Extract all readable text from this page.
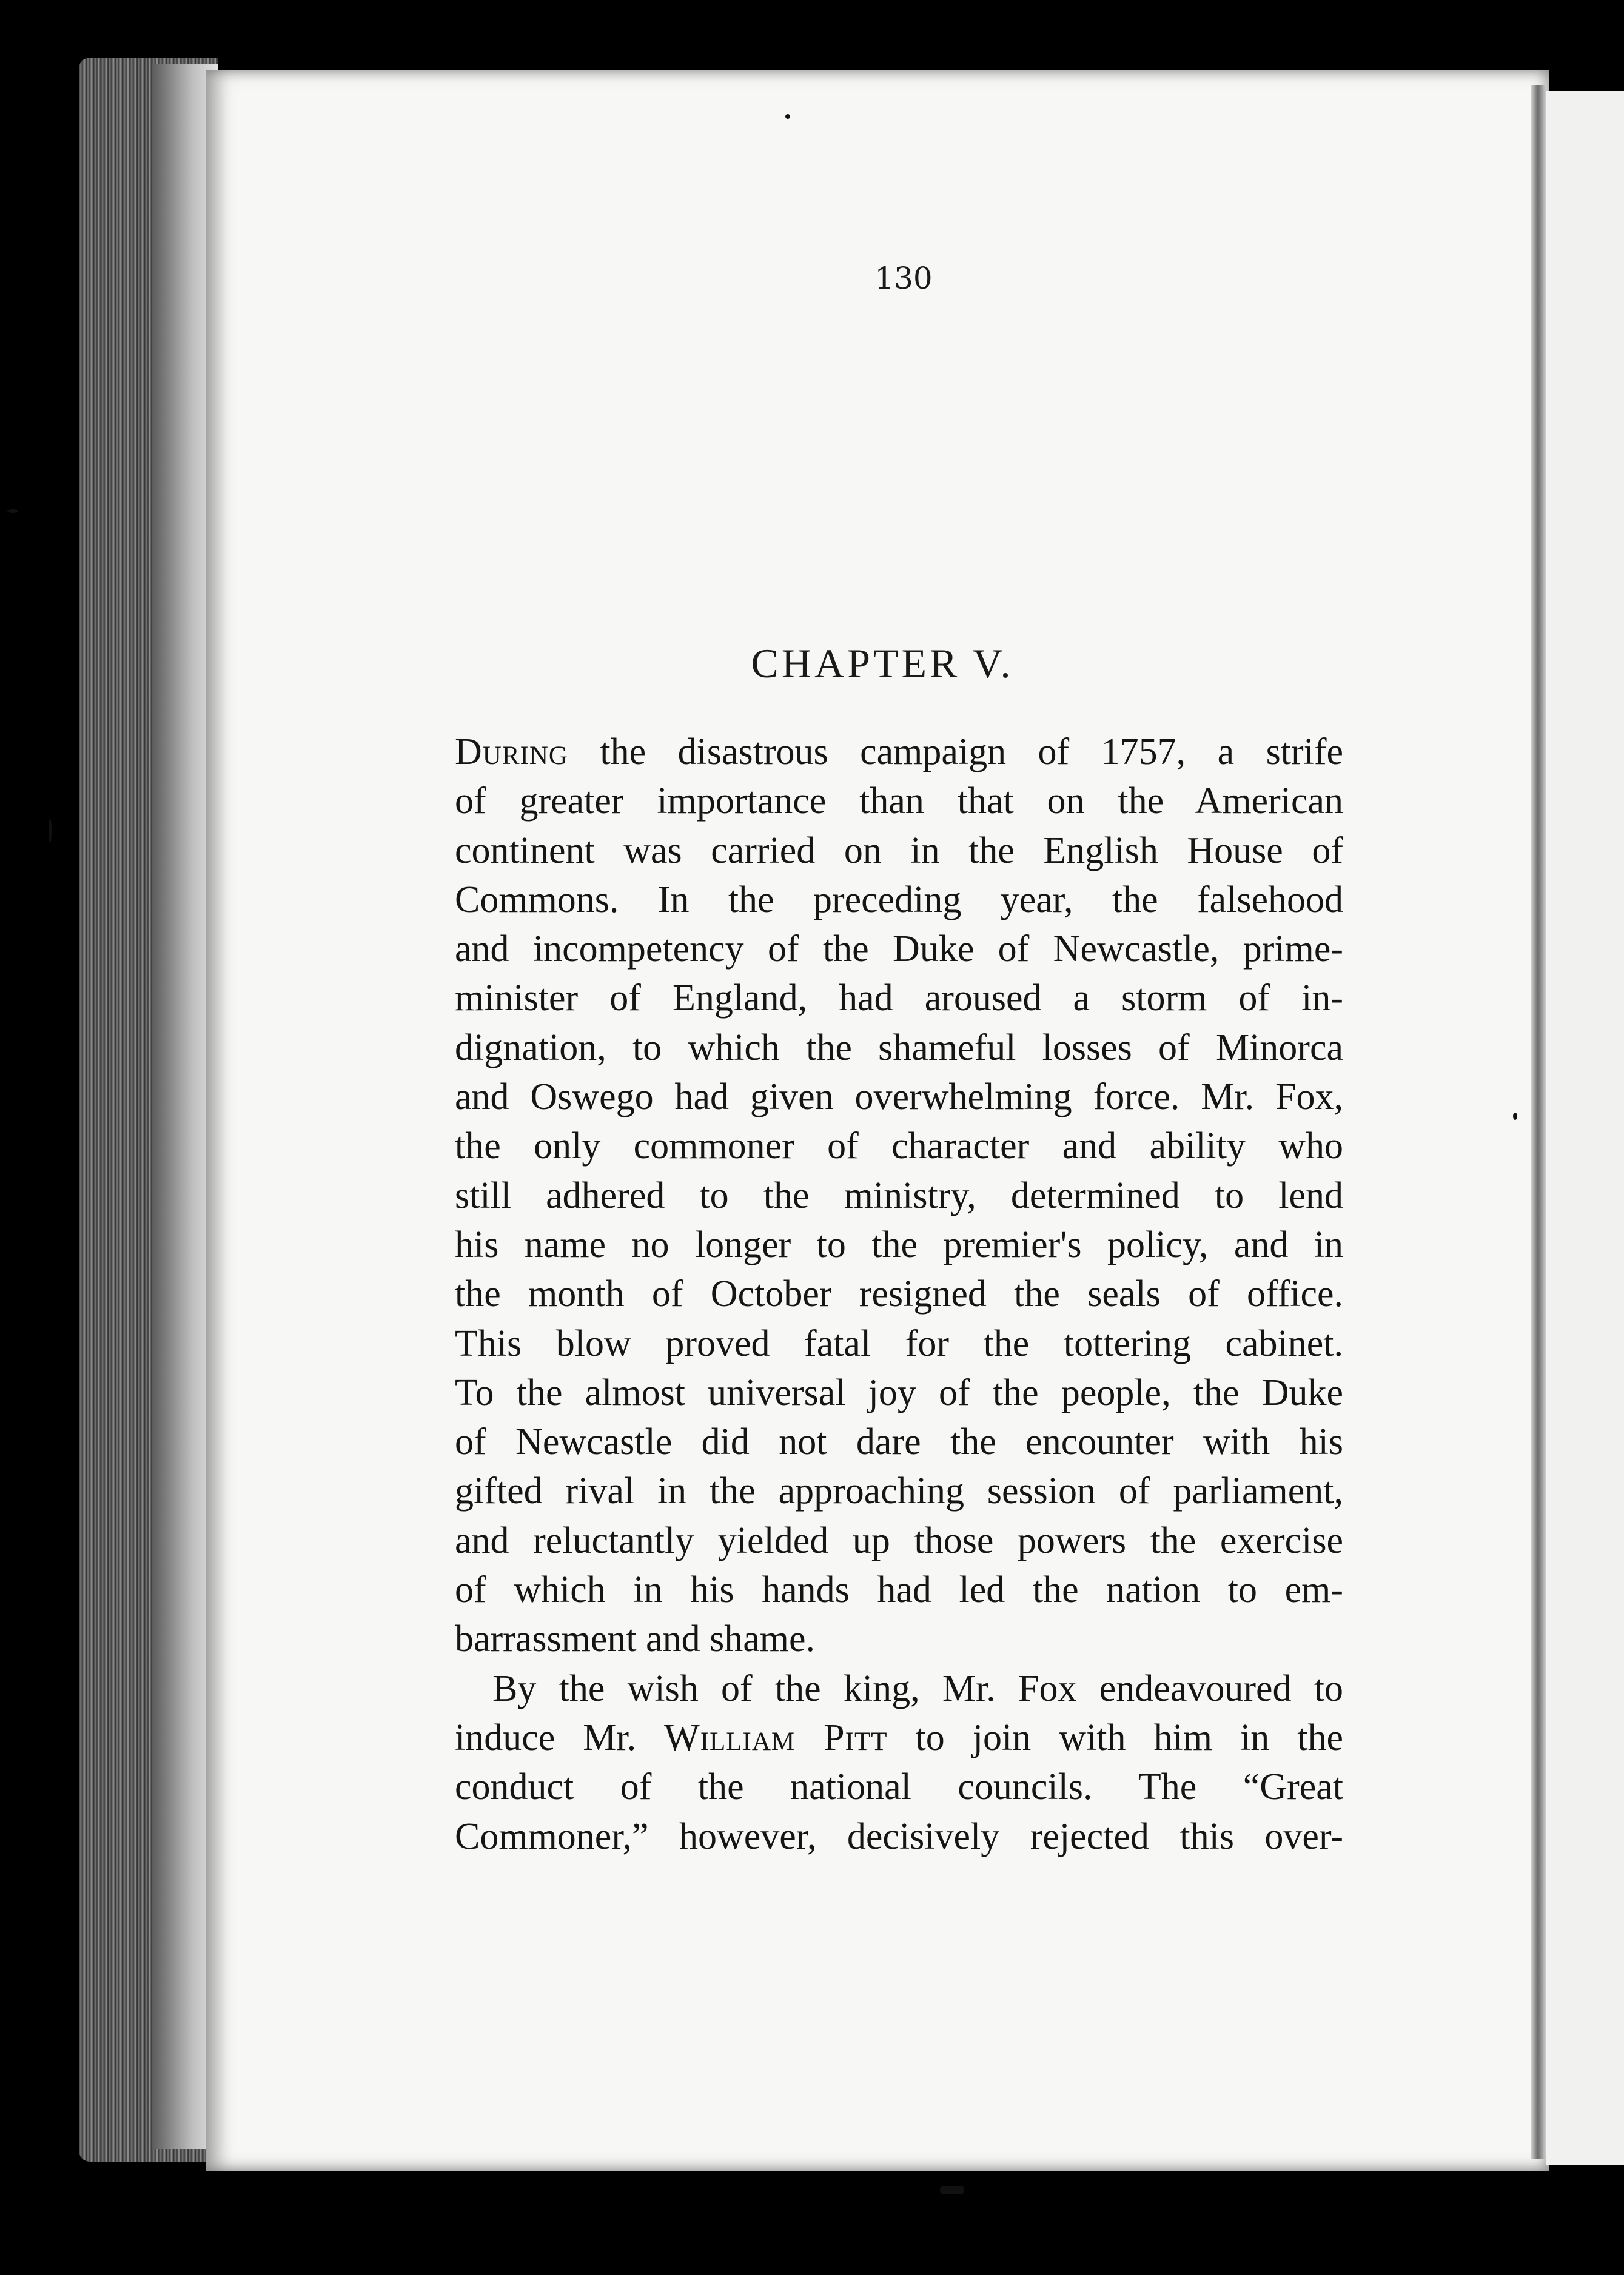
130
CHAPTER V.

During the disastrous campaign of 1757, a strife

of greater importance than that on the American

continent was carried on in the English House of

Commons. In the preceding year, the falsehood

and incompetency of the Duke of Newcastle, prime-

minister of England, had aroused a storm of in-

dignation, to which the shameful losses of Minorca

and Oswego had given overwhelming force. Mr. Fox,

the only commoner of character and ability who

still adhered to the ministry, determined to lend

his name no longer to the premier's policy, and in

the month of October resigned the seals of office.

This blow proved fatal for the tottering cabinet.

To the almost universal joy of the people, the Duke

of Newcastle did not dare the encounter with his

gifted rival in the approaching session of parliament,

and reluctantly yielded up those powers the exercise

of which in his hands had led the nation to em-

barrassment and shame.

By the wish of the king, Mr. Fox endeavoured to

induce Mr. William Pitt to join with him in the

conduct of the national councils. The “Great

Commoner,” however, decisively rejected this over-
